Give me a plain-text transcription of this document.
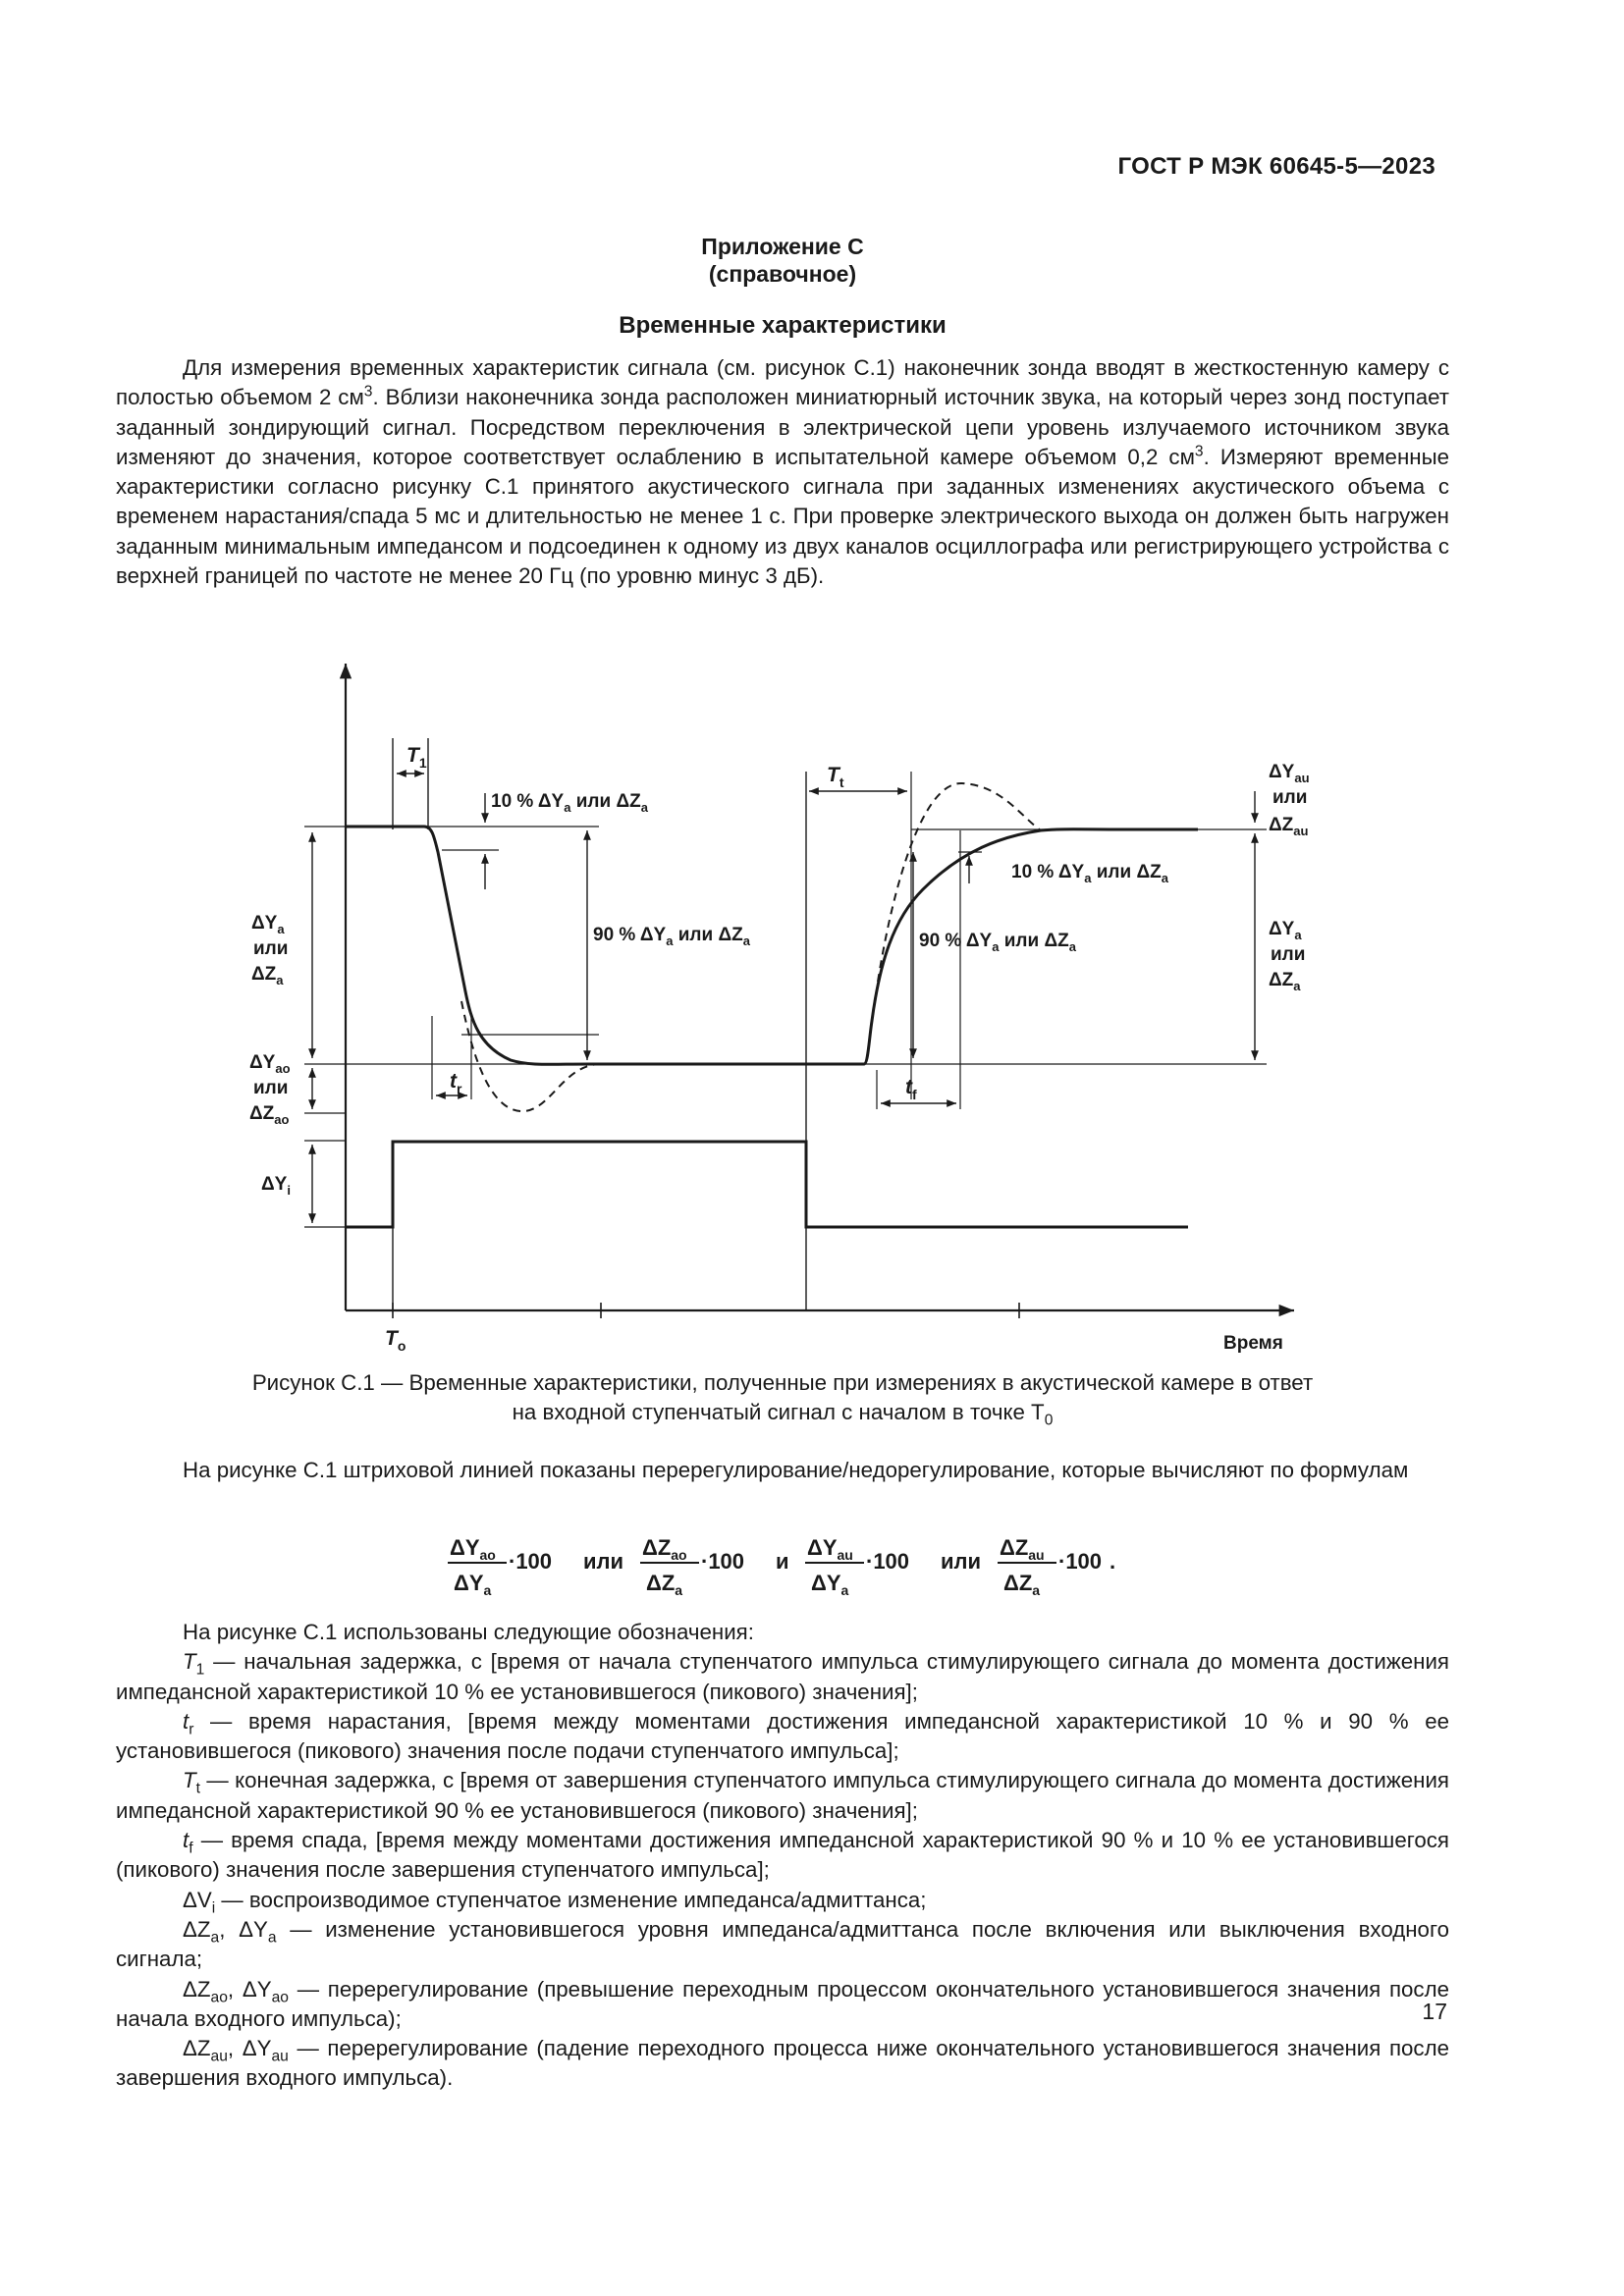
ГОСТ Р МЭК 60645-5—2023
Приложение C
(справочное)
Временные характеристики

Для измерения временных характеристик сигнала (см. рисунок C.1) наконечник зонда вводят в жесткостенную камеру с полостью объемом 2 $см^3$. Вблизи наконечника зонда расположен миниатюрный источник звука, на который через зонд поступает заданный зондирующий сигнал. Посредством переключения в электрической цепи уровень излучаемого источником звука изменяют до значения, которое соответствует ослаблению в испытательной камере объемом 0,2 $см^3$. Измеряют временные характеристики согласно рисунку C.1 принятого акустического сигнала при заданных изменениях акустического объема с временем нарастания/спада 5 мс и длительностью не менее 1 с. При проверке электрического выхода он должен быть нагружен заданным минимальным импедансом и подсоединен к одному из двух каналов осциллографа или регистрирующего устройства с верхней границей по частоте не менее 20 Гц (по уровню минус 3 дБ).

$T_1$
10 % $\Delta Y_a$ или $\Delta Z_a$
90 % $\Delta Y_a$ или $\Delta Z_a$
$\Delta Y_a$
или
$\Delta Z_a$
$\Delta Y_{ao}$
или
$\Delta Z_{ao}$
$\Delta Y_i$
$t_r$
$T_t$
$t_f$
10 % $\Delta Y_a$ или $\Delta Z_a$
90 % $\Delta Y_a$ или $\Delta Z_a$
$\Delta Y_{au}$
или
$\Delta Z_{au}$
$\Delta Y_a$
или
$\Delta Z_a$
$T_o$	Время
Рисунок C.1 — Временные характеристики, полученные при измерениях в акустической камере в ответ
на входной ступенчатый сигнал с началом в точке $T_0$

На рисунке C.1 штриховой линией показаны перерегулирование/недорегулирование, которые вычисляют по формулам

$\Delta Y_{ao}$
$\Delta Y_a$
·100 или
$\Delta Z_{ao}$
$\Delta Z_a$
·100 и
$\Delta Y_{au}$
$\Delta Y_a$
·100 или
$\Delta Z_{au}$
$\Delta Z_a$
·100 .

На рисунке C.1 использованы следующие обозначения:

$T_1$ — начальная задержка, с [время от начала ступенчатого импульса стимулирующего сигнала до момента достижения импедансной характеристикой 10 % ее установившегося (пикового) значения];

$t_r$ — время нарастания, [время между моментами достижения импедансной характеристикой 10 % и 90 % ее установившегося (пикового) значения после подачи ступенчатого импульса];

$T_t$ — конечная задержка, с [время от завершения ступенчатого импульса стимулирующего сигнала до момента достижения импедансной характеристикой 90 % ее установившегося (пикового) значения];

$t_f$ — время спада, [время между моментами достижения импедансной характеристикой 90 % и 10 % ее установившегося (пикового) значения после завершения ступенчатого импульса];

$\Delta V_i$ — воспроизводимое ступенчатое изменение импеданса/адмиттанса;

$\Delta Z_a$, $\Delta Y_a$ — изменение установившегося уровня импеданса/адмиттанса после включения или выключения входного сигнала;

$\Delta Z_{ao}$, $\Delta Y_{ao}$ — перерегулирование (превышение переходным процессом окончательного установившегося значения после начала входного импульса);

$\Delta Z_{au}$, $\Delta Y_{au}$ — перерегулирование (падение переходного процесса ниже окончательного установившегося значения после завершения входного импульса).

17
